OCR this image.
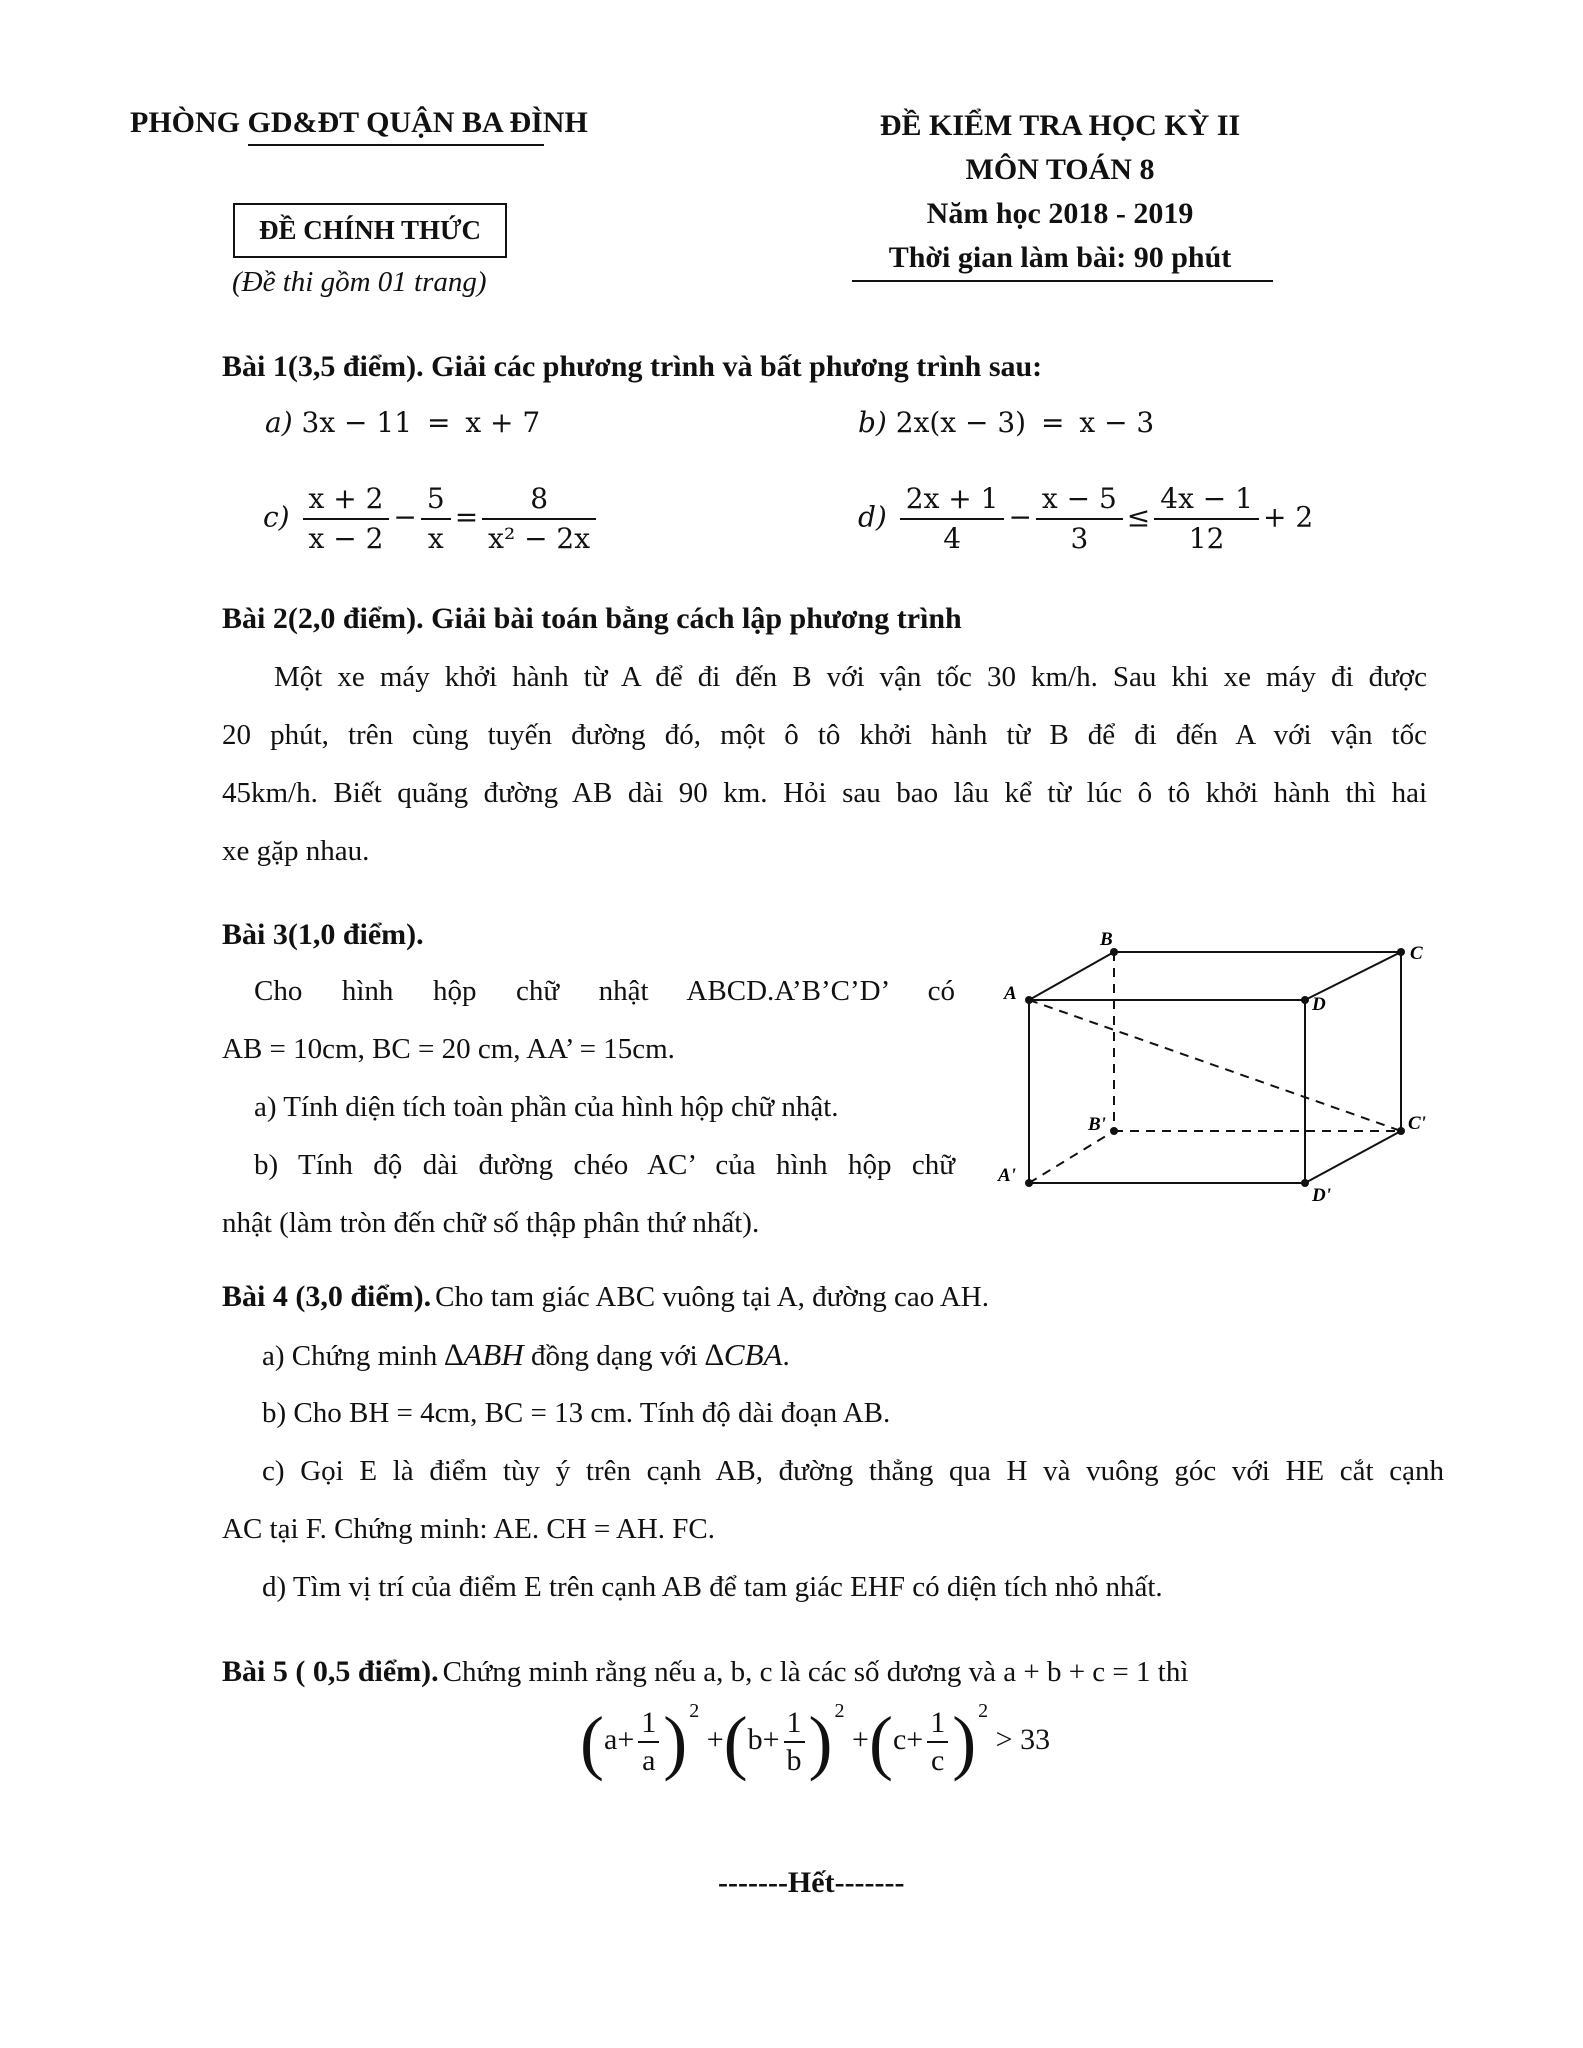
PHÒNG GD&ĐT QUẬN BA ĐÌNH
ĐỀ CHÍNH THỨC
(Đề thi gồm 01 trang)
ĐỀ KIỂM TRA HỌC KỲ II
MÔN TOÁN 8
Năm học 2018 - 2019
Thời gian làm bài: 90 phút
Bài 1(3,5 điểm). Giải các phương trình và bất phương trình sau:
a) 3x − 11 = x + 7	b) 2x(x − 3) = x − 3
$c) \frac{x + 2}{x - 2} - \frac{5}{x} = \frac{8}{\text{x² − 2x}}$	$d) \frac{2x + 1}{4} - \frac{x - 5}{3} \le \frac{4x - 1}{12} + 2$
Bài 2(2,0 điểm). Giải bài toán bằng cách lập phương trình
Một xe máy khởi hành từ A để đi đến B với vận tốc 30 km/h. Sau khi xe máy đi được
20 phút, trên cùng tuyến đường đó, một ô tô khởi hành từ B để đi đến A với vận tốc
45km/h. Biết quãng đường AB dài 90 km. Hỏi sau bao lâu kể từ lúc ô tô khởi hành thì hai
xe gặp nhau.
Bài 3(1,0 điểm).
Cho hình hộp chữ nhật ABCD.A’B’C’D’ có
AB = 10cm, BC = 20 cm, AA’ = 15cm.
a) Tính diện tích toàn phần của hình hộp chữ nhật.
b) Tính độ dài đường chéo AC’ của hình hộp chữ
nhật (làm tròn đến chữ số thập phân thứ nhất).
A
B
C
D
A'
B'	C'
D'
Bài 4 (3,0 điểm). Cho tam giác ABC vuông tại A, đường cao AH.
a) Chứng minh ∆ABH đồng dạng với ∆CBA.
b) Cho BH = 4cm, BC = 13 cm. Tính độ dài đoạn AB.
c) Gọi E là điểm tùy ý trên cạnh AB, đường thẳng qua H và vuông góc với HE cắt cạnh
AC tại F. Chứng minh: AE. CH = AH. FC.
d) Tìm vị trí của điểm E trên cạnh AB để tam giác EHF có diện tích nhỏ nhất.
Bài 5 ( 0,5 điểm). Chứng minh rằng nếu a, b, c là các số dương và a + b + c = 1 thì
($a+ \frac{1}{a}$ ) $^2 +(b+ \frac{1}{b}$ ) $^2 +(c+ \frac{1}{c}$ ) $^2$ > 33
-------Hết-------
